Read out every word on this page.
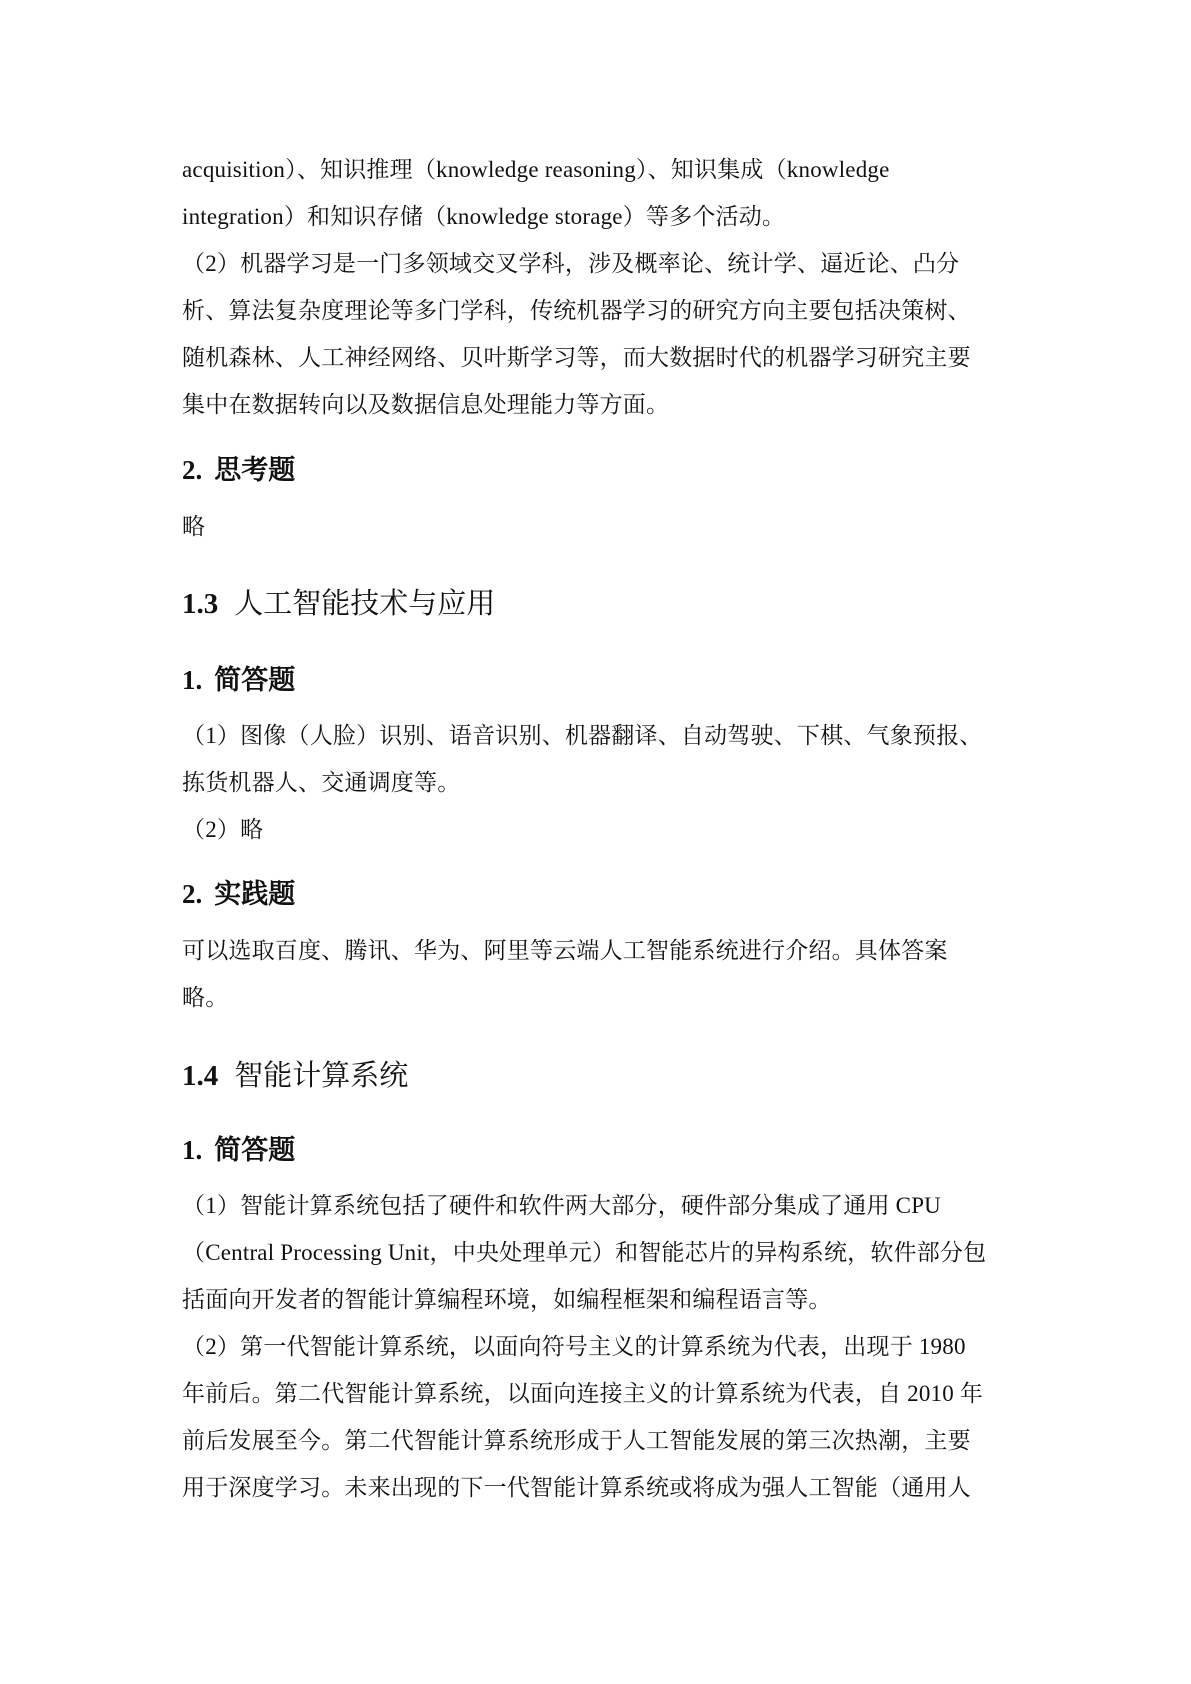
acquisition）、知识推理（knowledge reasoning）、知识集成（knowledge
integration）和知识存储（knowledge storage）等多个活动。
（2）机器学习是一门多领域交叉学科，涉及概率论、统计学、逼近论、凸分
析、算法复杂度理论等多门学科，传统机器学习的研究方向主要包括决策树、
随机森林、人工神经网络、贝叶斯学习等，而大数据时代的机器学习研究主要
集中在数据转向以及数据信息处理能力等方面。
2. 思考题
略
1.3 人工智能技术与应用
1. 简答题
（1）图像（人脸）识别、语音识别、机器翻译、自动驾驶、下棋、气象预报、
拣货机器人、交通调度等。
（2）略
2. 实践题
可以选取百度、腾讯、华为、阿里等云端人工智能系统进行介绍。具体答案
略。
1.4 智能计算系统
1. 简答题
（1）智能计算系统包括了硬件和软件两大部分，硬件部分集成了通用 CPU
（Central Processing Unit，中央处理单元）和智能芯片的异构系统，软件部分包
括面向开发者的智能计算编程环境，如编程框架和编程语言等。
（2）第一代智能计算系统，以面向符号主义的计算系统为代表，出现于 1980
年前后。第二代智能计算系统，以面向连接主义的计算系统为代表，自 2010 年
前后发展至今。第二代智能计算系统形成于人工智能发展的第三次热潮，主要
用于深度学习。未来出现的下一代智能计算系统或将成为强人工智能（通用人
